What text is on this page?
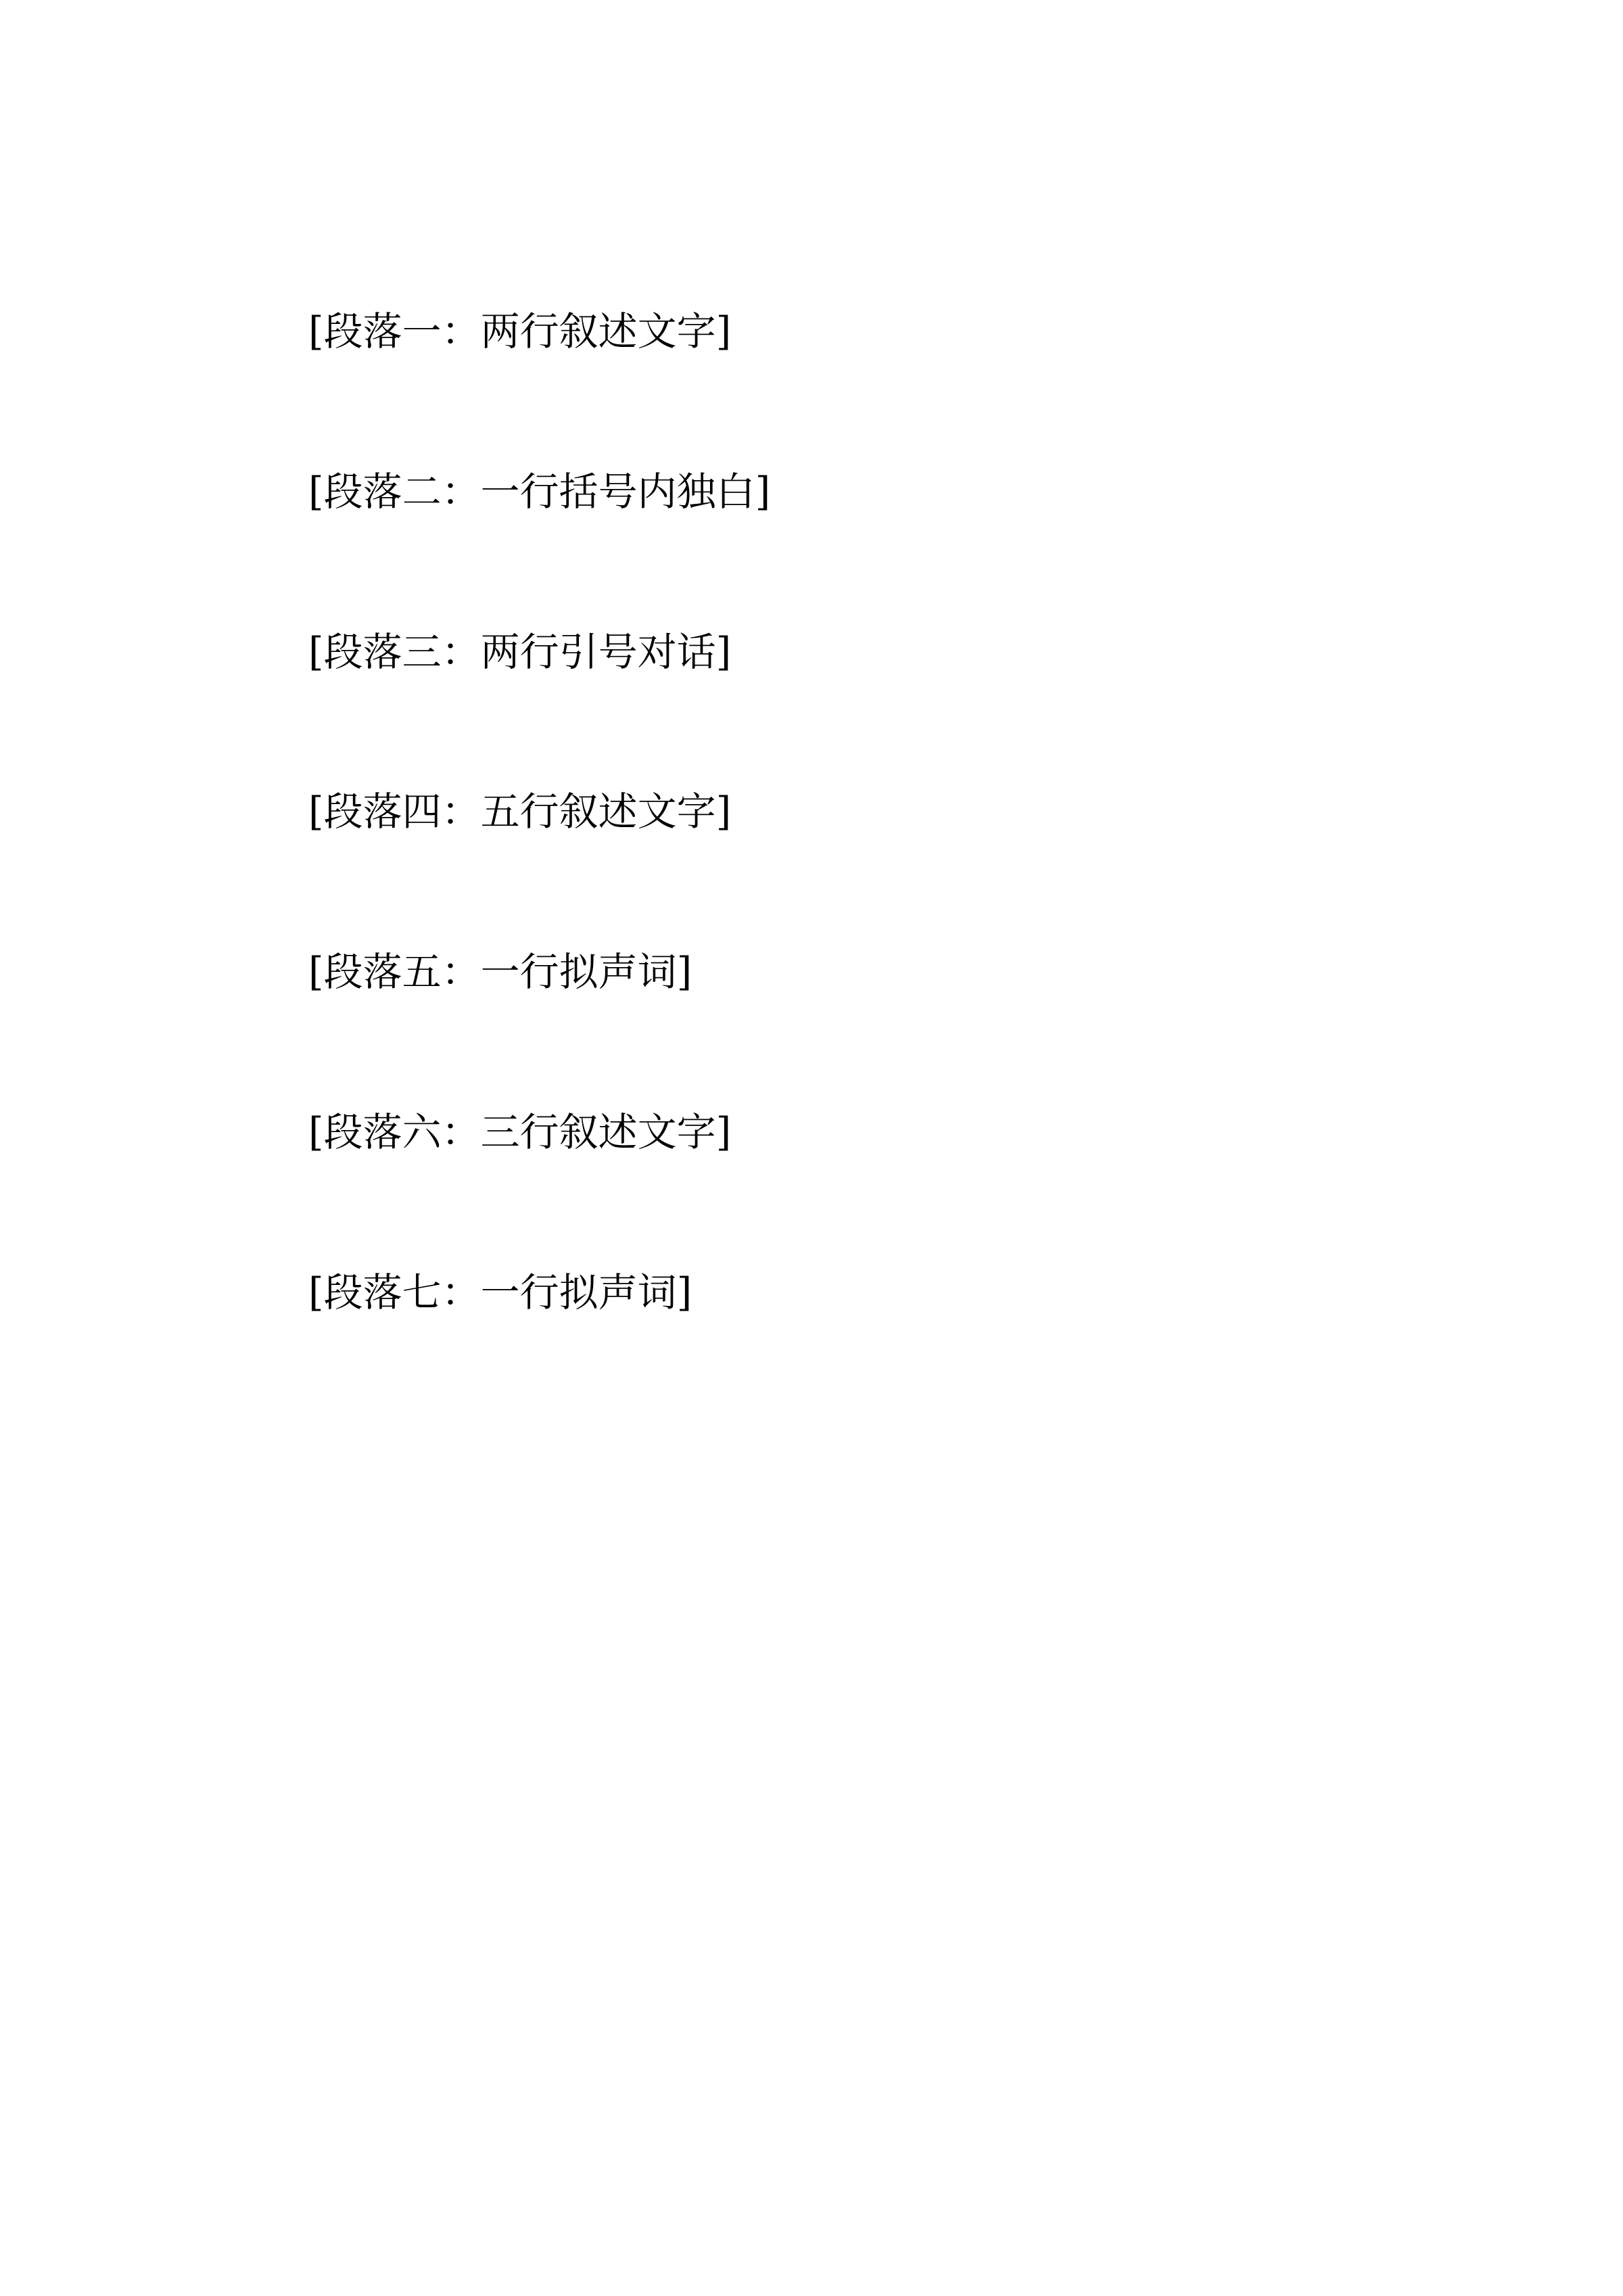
[段落一：两行叙述文字]

[段落二：一行括号内独白]

[段落三：两行引号对话]

[段落四：五行叙述文字]

[段落五：一行拟声词]

[段落六：三行叙述文字]

[段落七：一行拟声词]
